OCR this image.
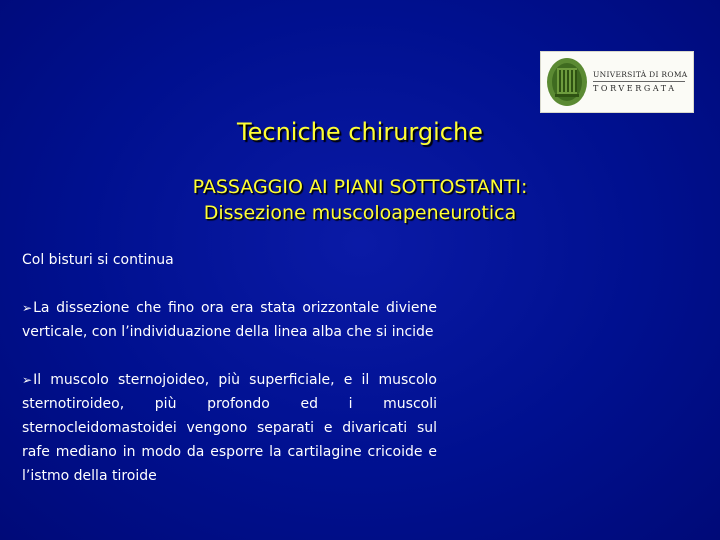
UNIVERSITÀ DI ROMA
TORVERGATA
Tecniche chirurgiche
PASSAGGIO AI PIANI SOTTOSTANTI:
Dissezione muscoloapeneurotica

Col bisturi si continua

➢La dissezione che fino ora era stata orizzontale diviene verticale, con l’individuazione della linea alba che si incide

➢Il muscolo sternojoideo, più superficiale, e il muscolo sternotiroideo, più profondo ed i muscoli sternocleidomastoidei vengono separati e divaricati sul rafe mediano in modo da esporre la cartilagine cricoide e l’istmo della tiroide
